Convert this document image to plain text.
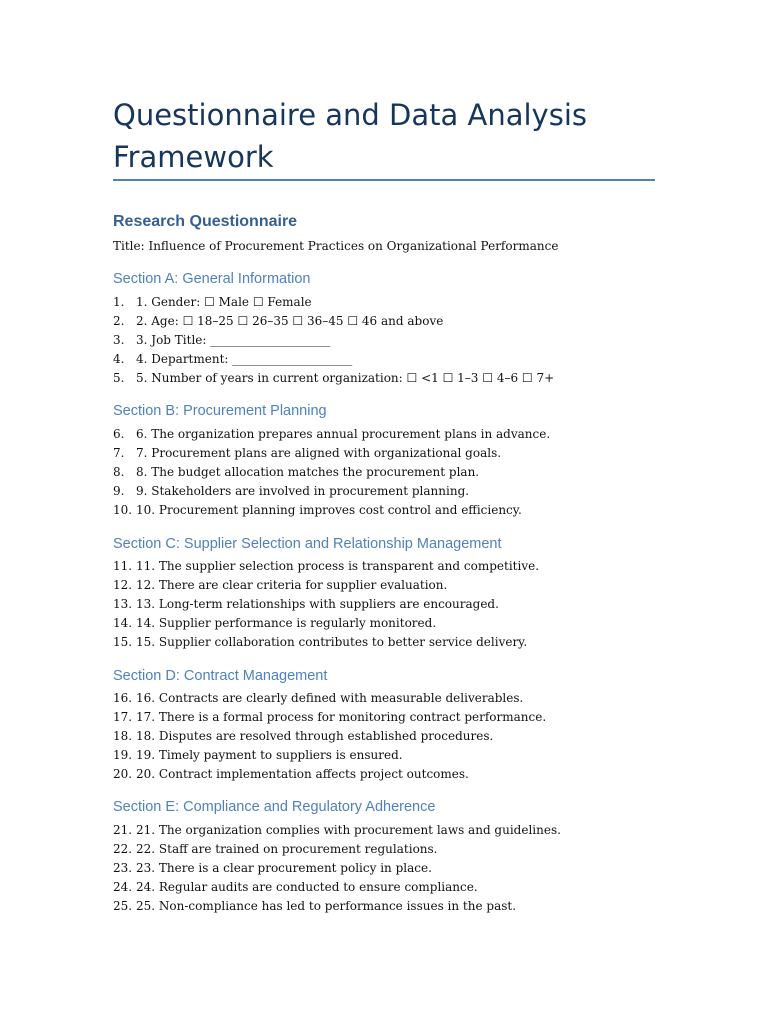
Questionnaire and Data Analysis Framework
Research Questionnaire

Title: Influence of Procurement Practices on Organizational Performance

Section A: General Information
1. 1. Gender: ☐ Male ☐ Female
2. 2. Age: ☐ 18–25 ☐ 26–35 ☐ 36–45 ☐ 46 and above
3. 3. Job Title: ____________________
4. 4. Department: ____________________
5. 5. Number of years in current organization: ☐ <1 ☐ 1–3 ☐ 4–6 ☐ 7+
Section B: Procurement Planning
6. 6. The organization prepares annual procurement plans in advance.
7. 7. Procurement plans are aligned with organizational goals.
8. 8. The budget allocation matches the procurement plan.
9. 9. Stakeholders are involved in procurement planning.
10. 10. Procurement planning improves cost control and efficiency.
Section C: Supplier Selection and Relationship Management
11. 11. The supplier selection process is transparent and competitive.
12. 12. There are clear criteria for supplier evaluation.
13. 13. Long-term relationships with suppliers are encouraged.
14. 14. Supplier performance is regularly monitored.
15. 15. Supplier collaboration contributes to better service delivery.
Section D: Contract Management
16. 16. Contracts are clearly defined with measurable deliverables.
17. 17. There is a formal process for monitoring contract performance.
18. 18. Disputes are resolved through established procedures.
19. 19. Timely payment to suppliers is ensured.
20. 20. Contract implementation affects project outcomes.
Section E: Compliance and Regulatory Adherence
21. 21. The organization complies with procurement laws and guidelines.
22. 22. Staff are trained on procurement regulations.
23. 23. There is a clear procurement policy in place.
24. 24. Regular audits are conducted to ensure compliance.
25. 25. Non-compliance has led to performance issues in the past.
